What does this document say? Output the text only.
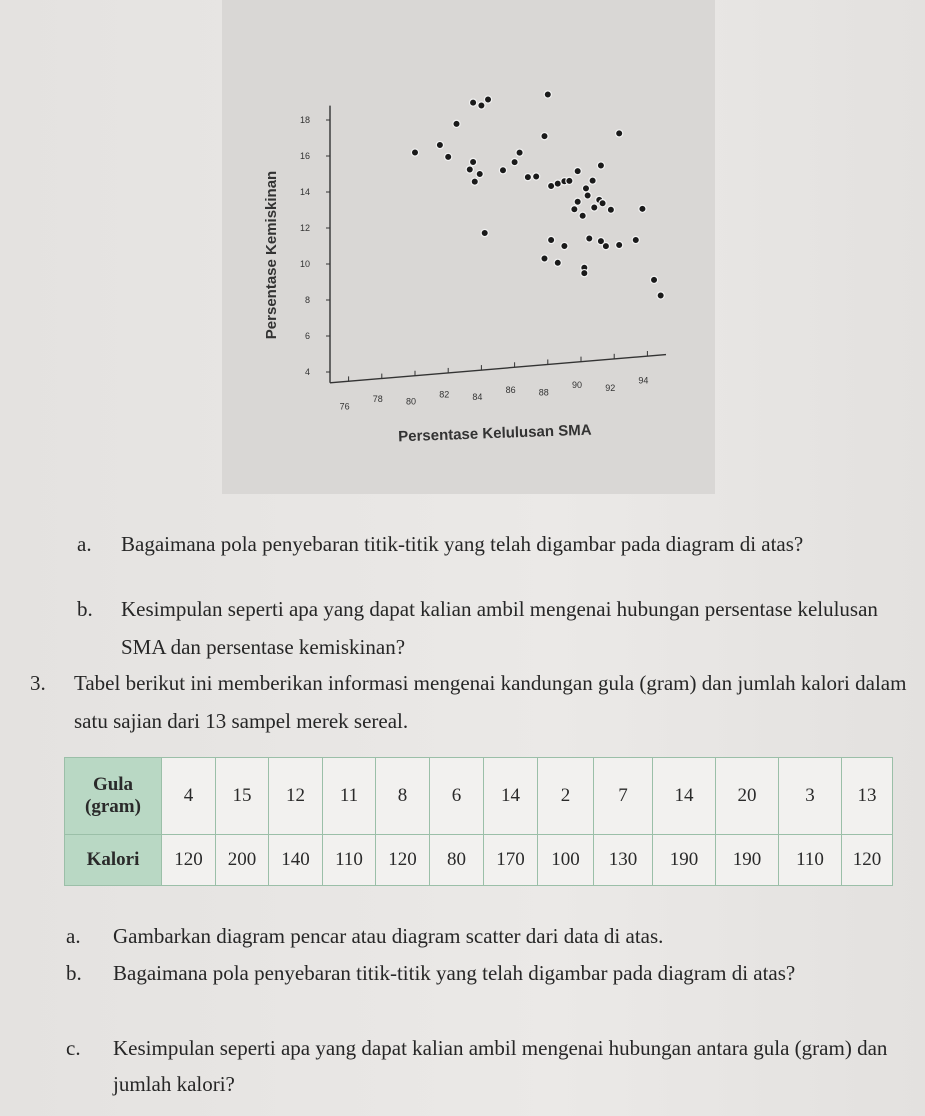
4
6
8
10
12
14
16
18
76
78	80
82	84
86	88
90	92
94
Persentase Kemiskinan
Persentase Kelulusan SMA
a.	Bagaimana pola penyebaran titik-titik yang telah digambar pada diagram di atas?
b.	Kesimpulan seperti apa yang dapat kalian ambil mengenai hubungan persentase kelulusan SMA dan persentase kemiskinan?
3.	Tabel berikut ini memberikan informasi mengenai kandungan gula (gram) dan jumlah kalori dalam satu sajian dari 13 sampel merek sereal.
Gula (gram)	4	15	12	11	8	6	14	2	7	14	20	3	13
Kalori	120	200	140	110	120	80	170	100	130	190	190	110	120
a.	Gambarkan diagram pencar atau diagram scatter dari data di atas.
b.	Bagaimana pola penyebaran titik-titik yang telah digambar pada diagram di atas?
c.	Kesimpulan seperti apa yang dapat kalian ambil mengenai hubungan antara gula (gram) dan jumlah kalori?
